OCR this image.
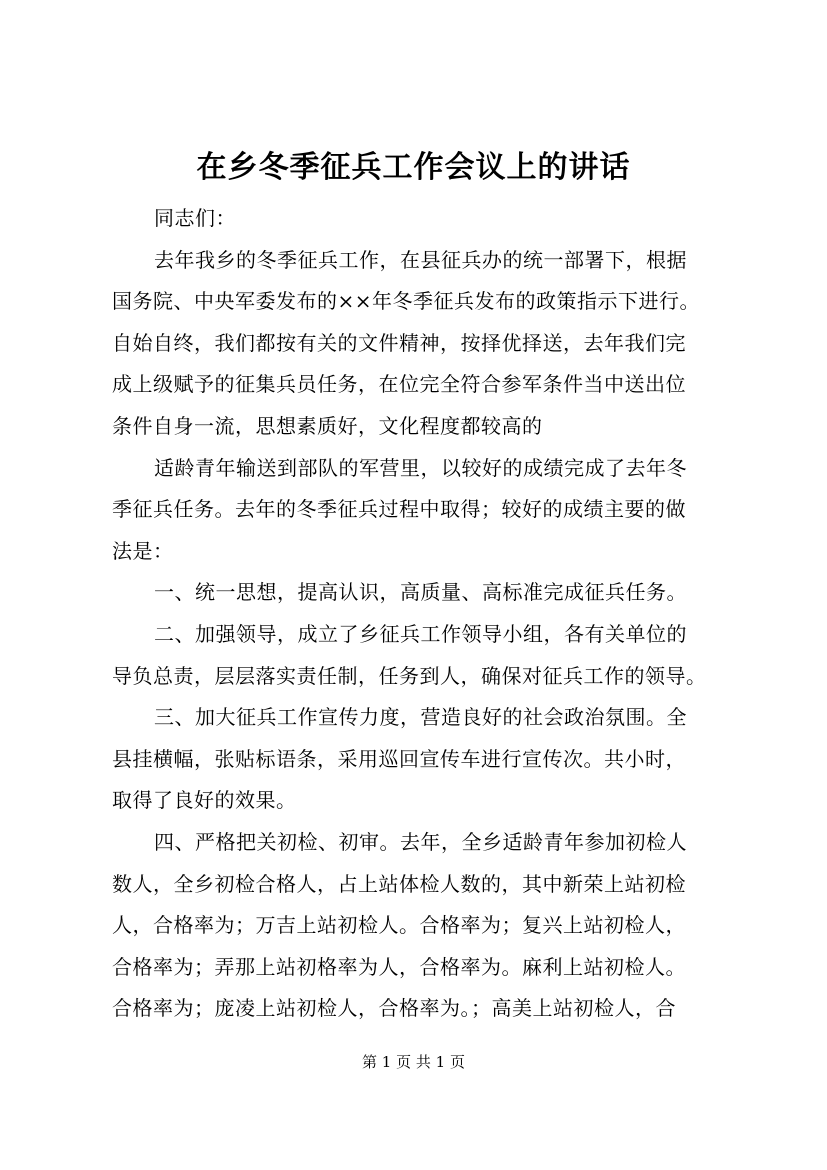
在乡冬季征兵工作会议上的讲话
同志们：
去年我乡的冬季征兵工作，在县征兵办的统一部署下，根据
国务院、中央军委发布的××年冬季征兵发布的政策指示下进行。
自始自终，我们都按有关的文件精神，按择优择送，去年我们完
成上级赋予的征集兵员任务，在位完全符合参军条件当中送出位
条件自身一流，思想素质好，文化程度都较高的
适龄青年输送到部队的军营里，以较好的成绩完成了去年冬
季征兵任务。去年的冬季征兵过程中取得；较好的成绩主要的做
法是：
一、统一思想，提高认识，高质量、高标准完成征兵任务。
二、加强领导，成立了乡征兵工作领导小组，各有关单位的
导负总责，层层落实责任制，任务到人，确保对征兵工作的领导。
三、加大征兵工作宣传力度，营造良好的社会政治氛围。全
县挂横幅，张贴标语条，采用巡回宣传车进行宣传次。共小时，
取得了良好的效果。
四、严格把关初检、初审。去年，全乡适龄青年参加初检人
数人，全乡初检合格人，占上站体检人数的，其中新荣上站初检
人，合格率为；万吉上站初检人。合格率为；复兴上站初检人，
合格率为；弄那上站初格率为人，合格率为。麻利上站初检人。
合格率为；庞凌上站初检人，合格率为。；高美上站初检人，合
第 1 页 共 1 页
